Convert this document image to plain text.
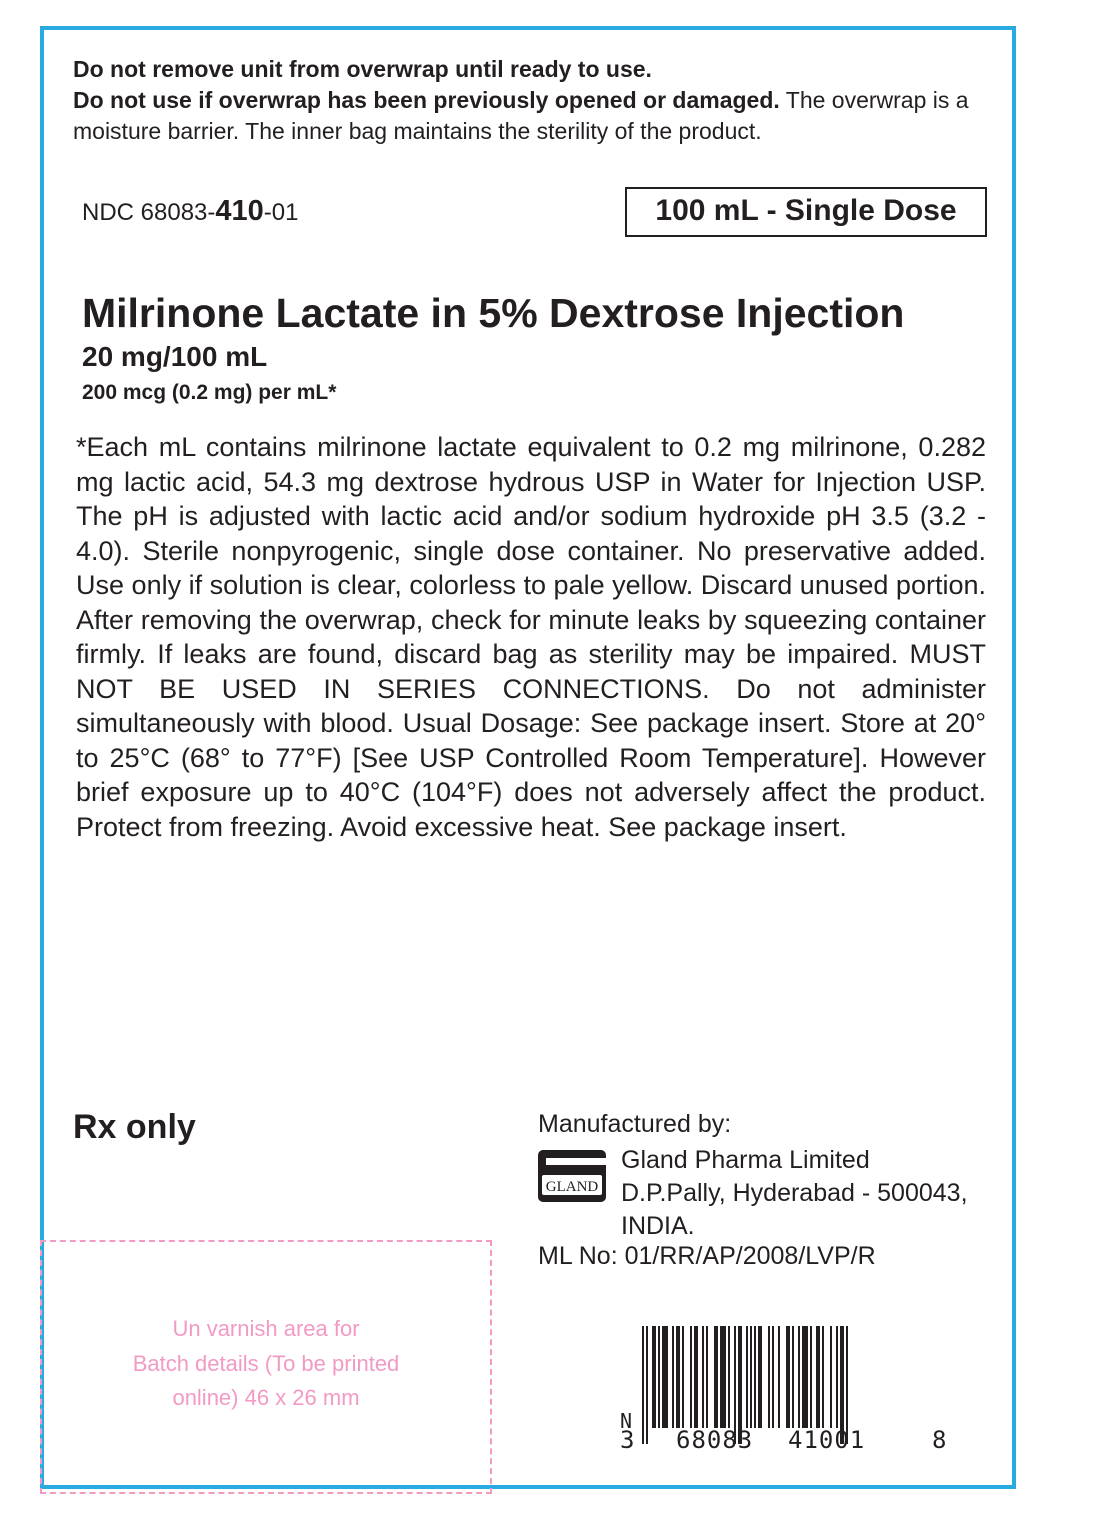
Do not remove unit from overwrap until ready to use.
Do not use if overwrap has been previously opened or damaged. The overwrap is a moisture barrier. The inner bag maintains the sterility of the product.
NDC 68083-410-01	100 mL - Single Dose
Milrinone Lactate in 5% Dextrose Injection
20 mg/100 mL
200 mcg (0.2 mg) per mL*

*Each mL contains milrinone lactate equivalent to 0.2 mg milrinone, 0.282 mg lactic acid, 54.3 mg dextrose hydrous USP in Water for Injection USP. The pH is adjusted with lactic acid and/or sodium hydroxide pH 3.5 (3.2 - 4.0). Sterile nonpyrogenic, single dose container. No preservative added. Use only if solution is clear, colorless to pale yellow. Discard unused portion. After removing the overwrap, check for minute leaks by squeezing container firmly. If leaks are found, discard bag as sterility may be impaired. MUST NOT BE USED IN SERIES CONNECTIONS. Do not administer simultaneously with blood. Usual Dosage: See package insert. Store at 20° to 25°C (68° to 77°F) [See USP Controlled Room Temperature]. However brief exposure up to 40°C (104°F) does not adversely affect the product. Protect from freezing. Avoid excessive heat. See package insert.

Rx only	Manufactured by:
GLAND
Gland Pharma Limited
D.P.Pally, Hyderabad - 500043,
INDIA.
ML No: 01/RR/AP/2008/LVP/R
Un varnish area for
Batch details (To be printed
online) 46 x 26 mm
N
3 68083 41001	8
